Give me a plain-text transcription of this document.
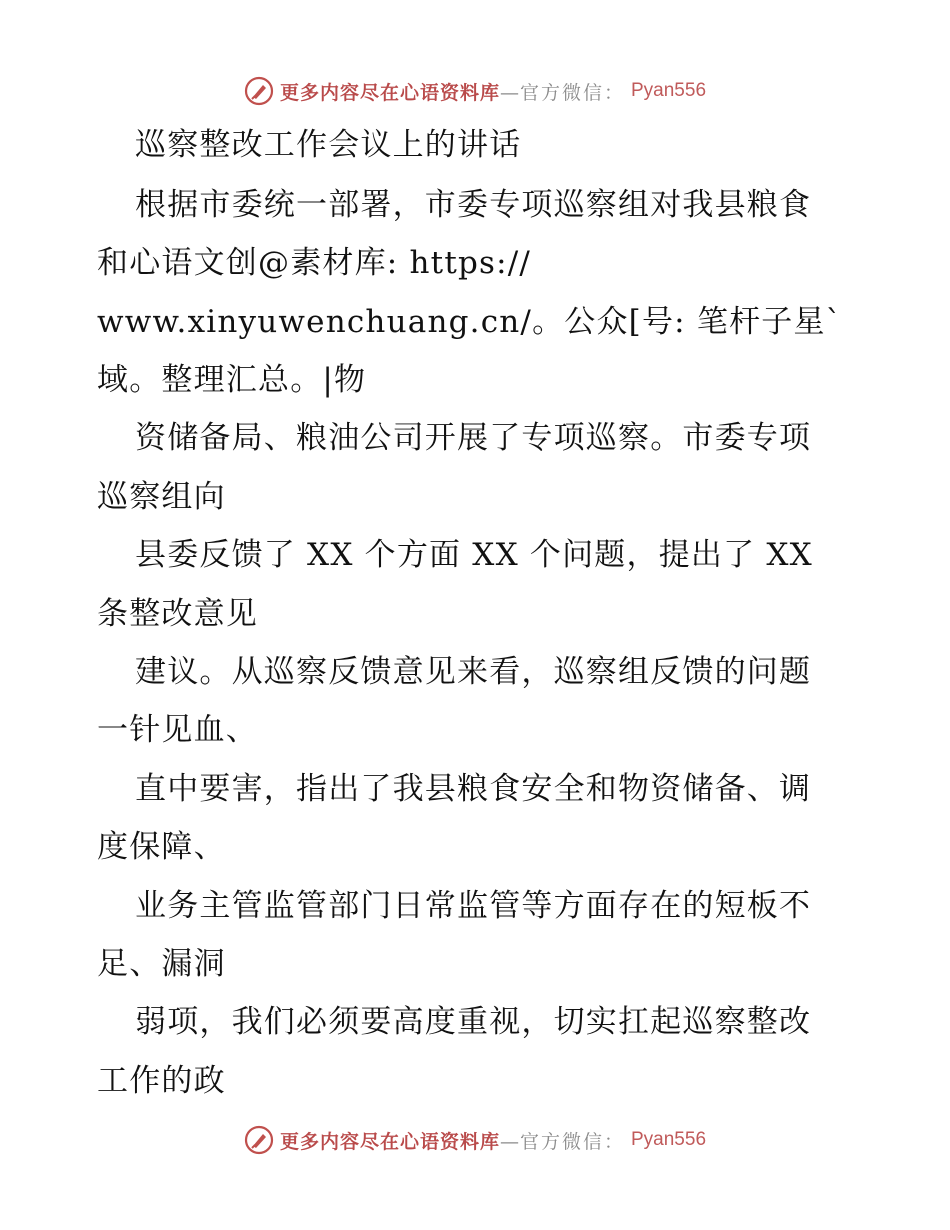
更多内容尽在心语资料库—官方微信： Pyan556
巡察整改工作会议上的讲话
根据市委统一部署，市委专项巡察组对我县粮食
和心语文创@素材库: https://
www.xinyuwenchuang.cn/。公众[号: 笔杆子星`
域。整理汇总。|物
资储备局、粮油公司开展了专项巡察。市委专项
巡察组向
县委反馈了 XX 个方面 XX 个问题，提出了 XX
条整改意见
建议。从巡察反馈意见来看，巡察组反馈的问题
一针见血、
直中要害，指出了我县粮食安全和物资储备、调
度保障、
业务主管监管部门日常监管等方面存在的短板不
足、漏洞
弱项，我们必须要高度重视，切实扛起巡察整改
工作的政
更多内容尽在心语资料库—官方微信： Pyan556
